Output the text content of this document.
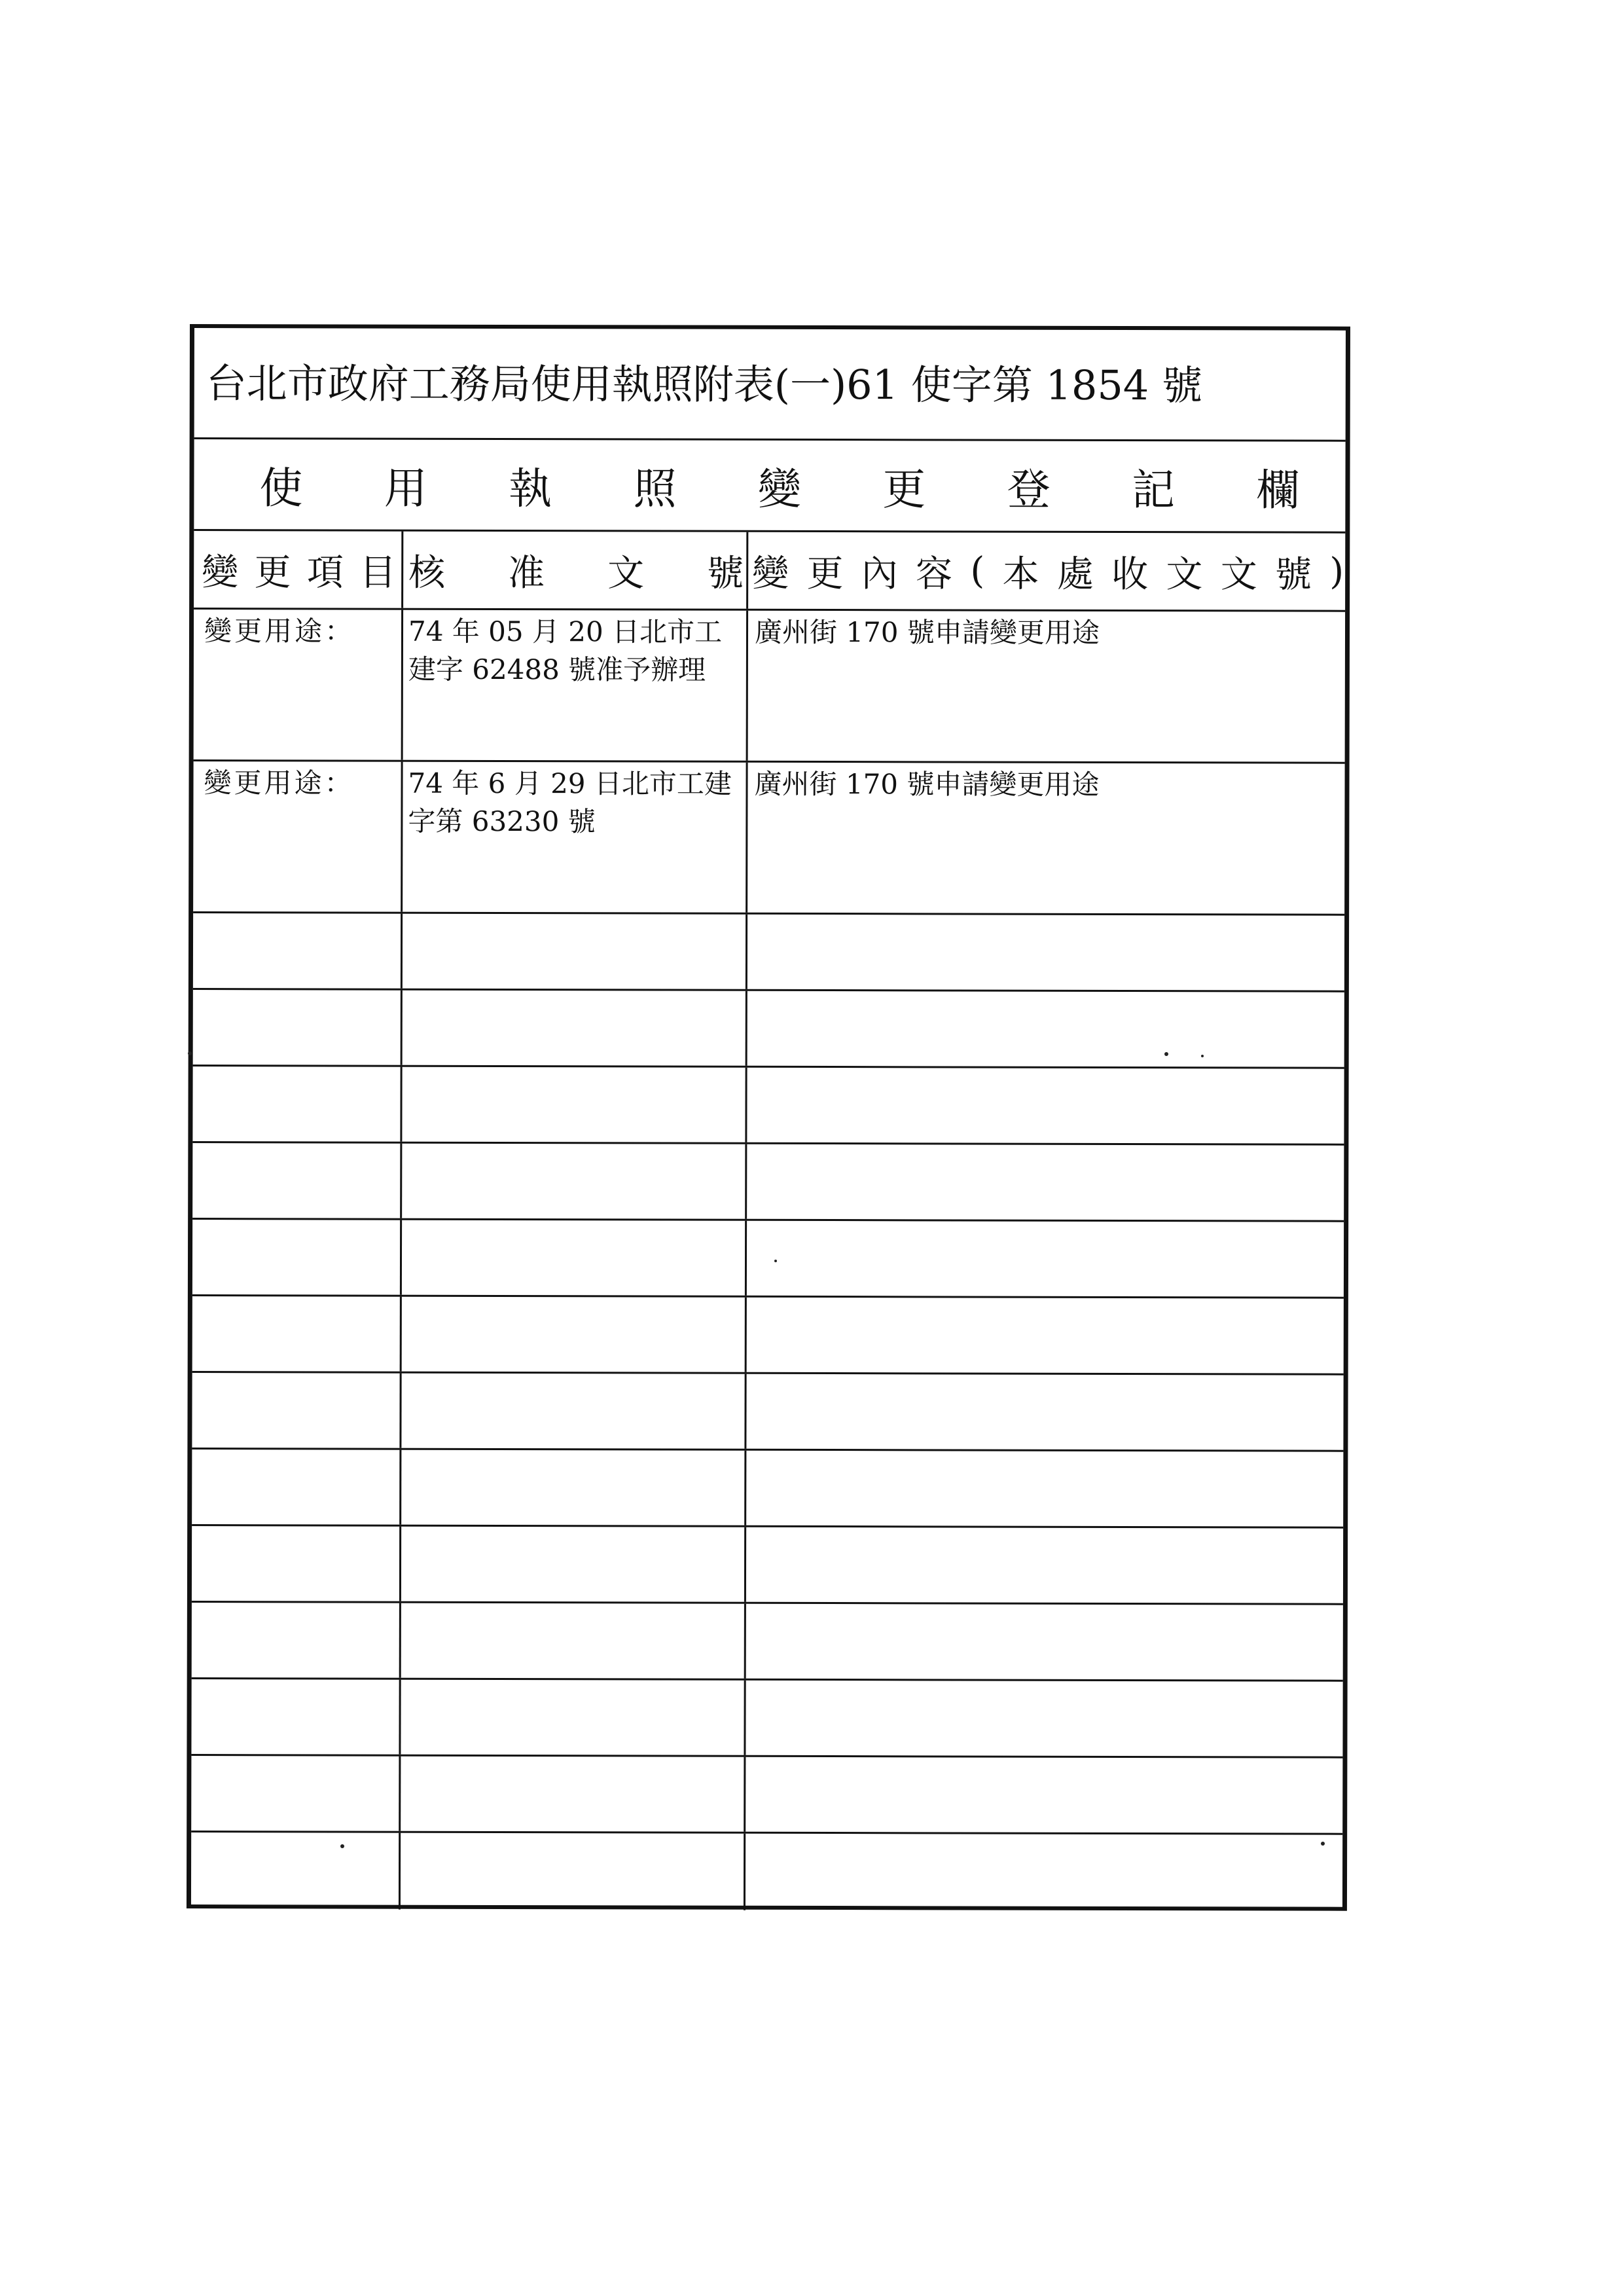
台北市政府工務局使用執照附表(一)61 使字第 1854 號
使 用 執 照 變 更 登 記 欄
變 更 項 目 核 准 文 號 變 更 內 容 ( 本 處 收 文 文 號 )
變更用途：	74 年 05 月 20 日北市工建字 62488 號准予辦理
廣州街 170 號申請變更用途
變更用途：	74 年 6 月 29 日北市工建字第 63230 號
廣州街 170 號申請變更用途
